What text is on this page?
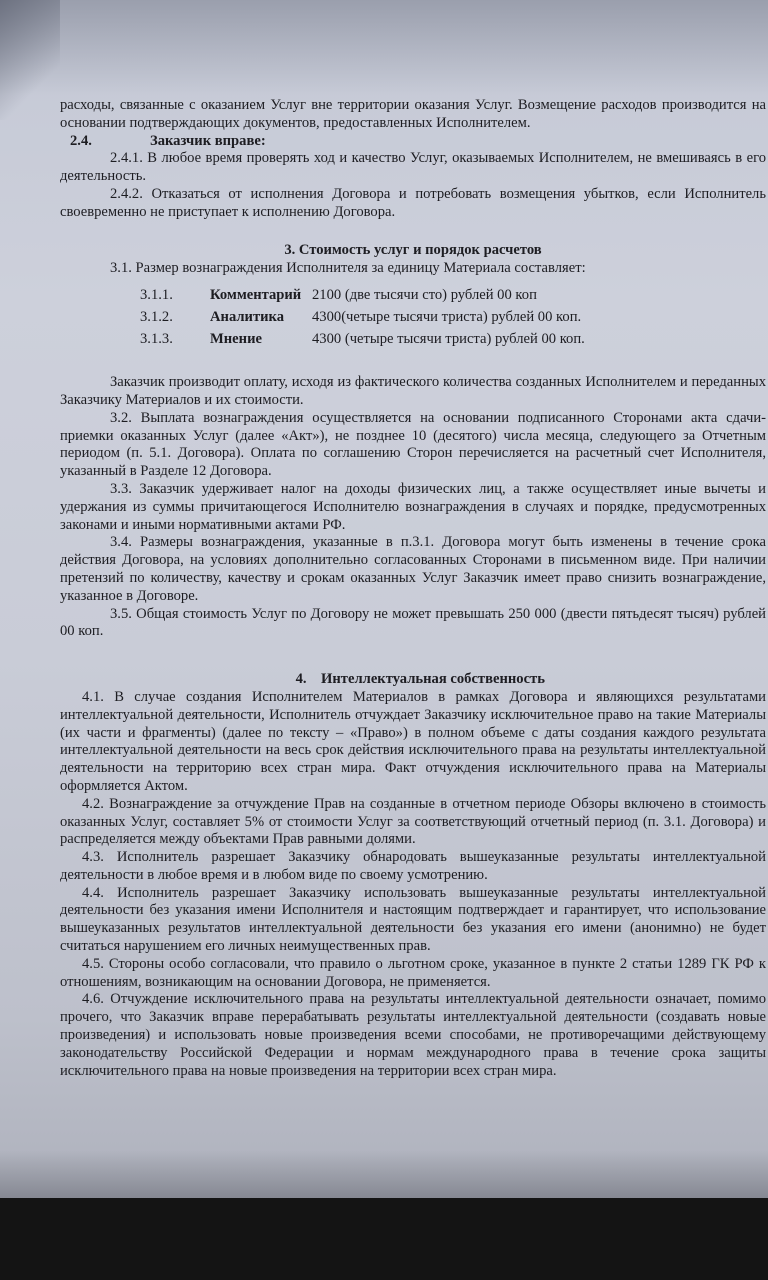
расходы, связанные с оказанием Услуг вне территории оказания Услуг. Возмещение расходов производится на основании подтверждающих документов, предоставленных Исполнителем.

2.4.	Заказчик вправе:

2.4.1. В любое время проверять ход и качество Услуг, оказываемых Исполнителем, не вмешиваясь в его деятельность.

2.4.2. Отказаться от исполнения Договора и потребовать возмещения убытков, если Исполнитель своевременно не приступает к исполнению Договора.

3. Стоимость услуг и порядок расчетов

3.1. Размер вознаграждения Исполнителя за единицу Материала составляет:

3.1.1.	Комментарий 2100 (две тысячи сто) рублей 00 коп
3.1.2.	Аналитика	4300(четыре тысячи триста) рублей 00 коп.
3.1.3.	Мнение	4300 (четыре тысячи триста) рублей 00 коп.

Заказчик производит оплату, исходя из фактического количества созданных Исполнителем и переданных Заказчику Материалов и их стоимости.

3.2. Выплата вознаграждения осуществляется на основании подписанного Сторонами акта сдачи-приемки оказанных Услуг (далее «Акт»), не позднее 10 (десятого) числа месяца, следующего за Отчетным периодом (п. 5.1. Договора). Оплата по соглашению Сторон перечисляется на расчетный счет Исполнителя, указанный в Разделе 12 Договора.

3.3. Заказчик удерживает налог на доходы физических лиц, а также осуществляет иные вычеты и удержания из суммы причитающегося Исполнителю вознаграждения в случаях и порядке, предусмотренных законами и иными нормативными актами РФ.

3.4. Размеры вознаграждения, указанные в п.3.1. Договора могут быть изменены в течение срока действия Договора, на условиях дополнительно согласованных Сторонами в письменном виде. При наличии претензий по количеству, качеству и срокам оказанных Услуг Заказчик имеет право снизить вознаграждение, указанное в Договоре.

3.5. Общая стоимость Услуг по Договору не может превышать 250 000 (двести пятьдесят тысяч) рублей 00 коп.

4. Интеллектуальная собственность

4.1. В случае создания Исполнителем Материалов в рамках Договора и являющихся результатами интеллектуальной деятельности, Исполнитель отчуждает Заказчику исключительное право на такие Материалы (их части и фрагменты) (далее по тексту – «Право») в полном объеме с даты создания каждого результата интеллектуальной деятельности на весь срок действия исключительного права на результаты интеллектуальной деятельности на территорию всех стран мира. Факт отчуждения исключительного права на Материалы оформляется Актом.

4.2. Вознаграждение за отчуждение Прав на созданные в отчетном периоде Обзоры включено в стоимость оказанных Услуг, составляет 5% от стоимости Услуг за соответствующий отчетный период (п. 3.1. Договора) и распределяется между объектами Прав равными долями.

4.3. Исполнитель разрешает Заказчику обнародовать вышеуказанные результаты интеллектуальной деятельности в любое время и в любом виде по своему усмотрению.

4.4. Исполнитель разрешает Заказчику использовать вышеуказанные результаты интеллектуальной деятельности без указания имени Исполнителя и настоящим подтверждает и гарантирует, что использование вышеуказанных результатов интеллектуальной деятельности без указания его имени (анонимно) не будет считаться нарушением его личных неимущественных прав.

4.5. Стороны особо согласовали, что правило о льготном сроке, указанное в пункте 2 статьи 1289 ГК РФ к отношениям, возникающим на основании Договора, не применяется.

4.6. Отчуждение исключительного права на результаты интеллектуальной деятельности означает, помимо прочего, что Заказчик вправе перерабатывать результаты интеллектуальной деятельности (создавать новые произведения) и использовать новые произведения всеми способами, не противоречащими действующему законодательству Российской Федерации и нормам международного права в течение срока защиты исключительного права на новые произведения на территории всех стран мира.
